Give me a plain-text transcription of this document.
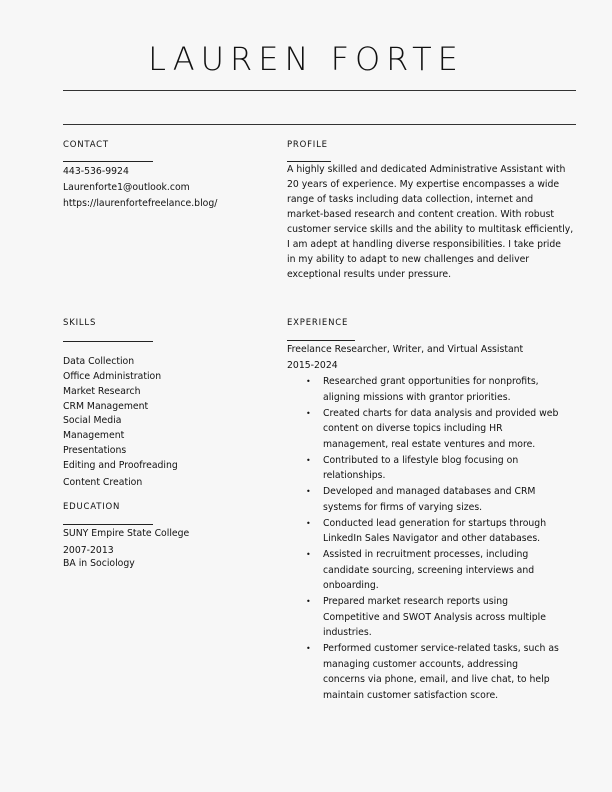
LAUREN FORTE
CONTACT
443-536-9924
Laurenforte1@outlook.com
https://laurenfortefreelance.blog/
PROFILE
A highly skilled and dedicated Administrative Assistant with
20 years of experience. My expertise encompasses a wide
range of tasks including data collection, internet and
market-based research and content creation. With robust
customer service skills and the ability to multitask efficiently,
I am adept at handling diverse responsibilities. I take pride
in my ability to adapt to new challenges and deliver
exceptional results under pressure.
SKILLS
Data Collection
Office Administration
Market Research
CRM Management
Social Media
Management
Presentations
Editing and Proofreading
Content Creation
EDUCATION
SUNY Empire State College
2007-2013
BA in Sociology
EXPERIENCE
Freelance Researcher, Writer, and Virtual Assistant
2015-2024
• Researched grant opportunities for nonprofits,
aligning missions with grantor priorities.
• Created charts for data analysis and provided web
content on diverse topics including HR
management, real estate ventures and more.
• Contributed to a lifestyle blog focusing on
relationships.
• Developed and managed databases and CRM
systems for firms of varying sizes.
• Conducted lead generation for startups through
LinkedIn Sales Navigator and other databases.
• Assisted in recruitment processes, including
candidate sourcing, screening interviews and
onboarding.
• Prepared market research reports using
Competitive and SWOT Analysis across multiple
industries.
• Performed customer service-related tasks, such as
managing customer accounts, addressing
concerns via phone, email, and live chat, to help
maintain customer satisfaction score.
